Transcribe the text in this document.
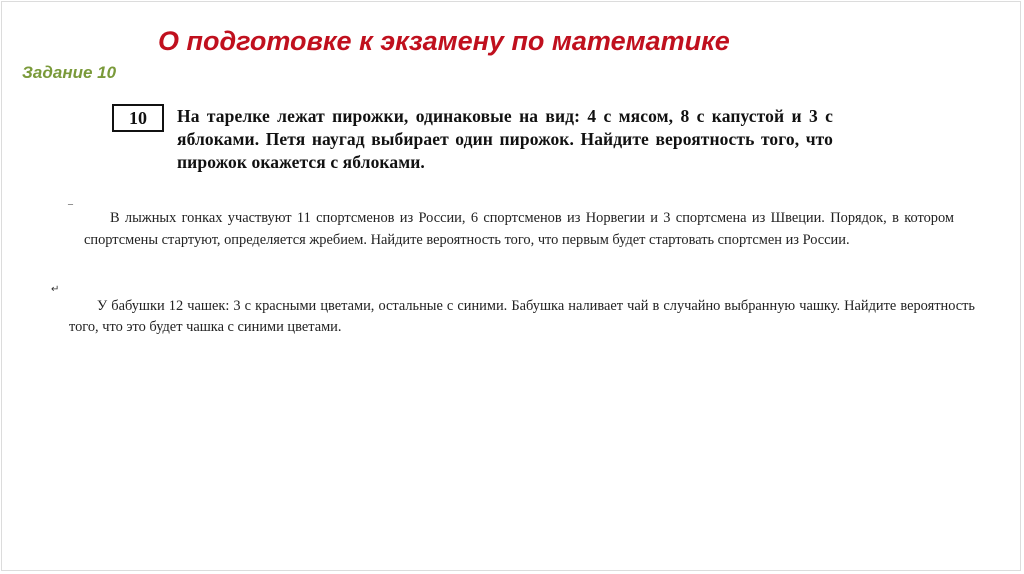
О подготовке к экзамену по математике
Задание 10
10	На тарелке лежат пирожки, одинаковые на вид: 4 с мясом, 8 с капустой и 3 с яблоками. Петя наугад выбирает один пирожок. Найдите вероятность того, что пирожок окажется с яблоками.
_
В лыжных гонках участвуют 11 спортсменов из России, 6 спортсменов из Норвегии и 3 спортсмена из Швеции. Порядок, в котором спортсмены стартуют, определяется жребием. Найдите вероятность того, что первым будет стартовать спортсмен из России.
↵
У бабушки 12 чашек: 3 с красными цветами, остальные с синими. Бабушка наливает чай в случайно выбранную чашку. Найдите вероятность того, что это будет чашка с синими цветами.
